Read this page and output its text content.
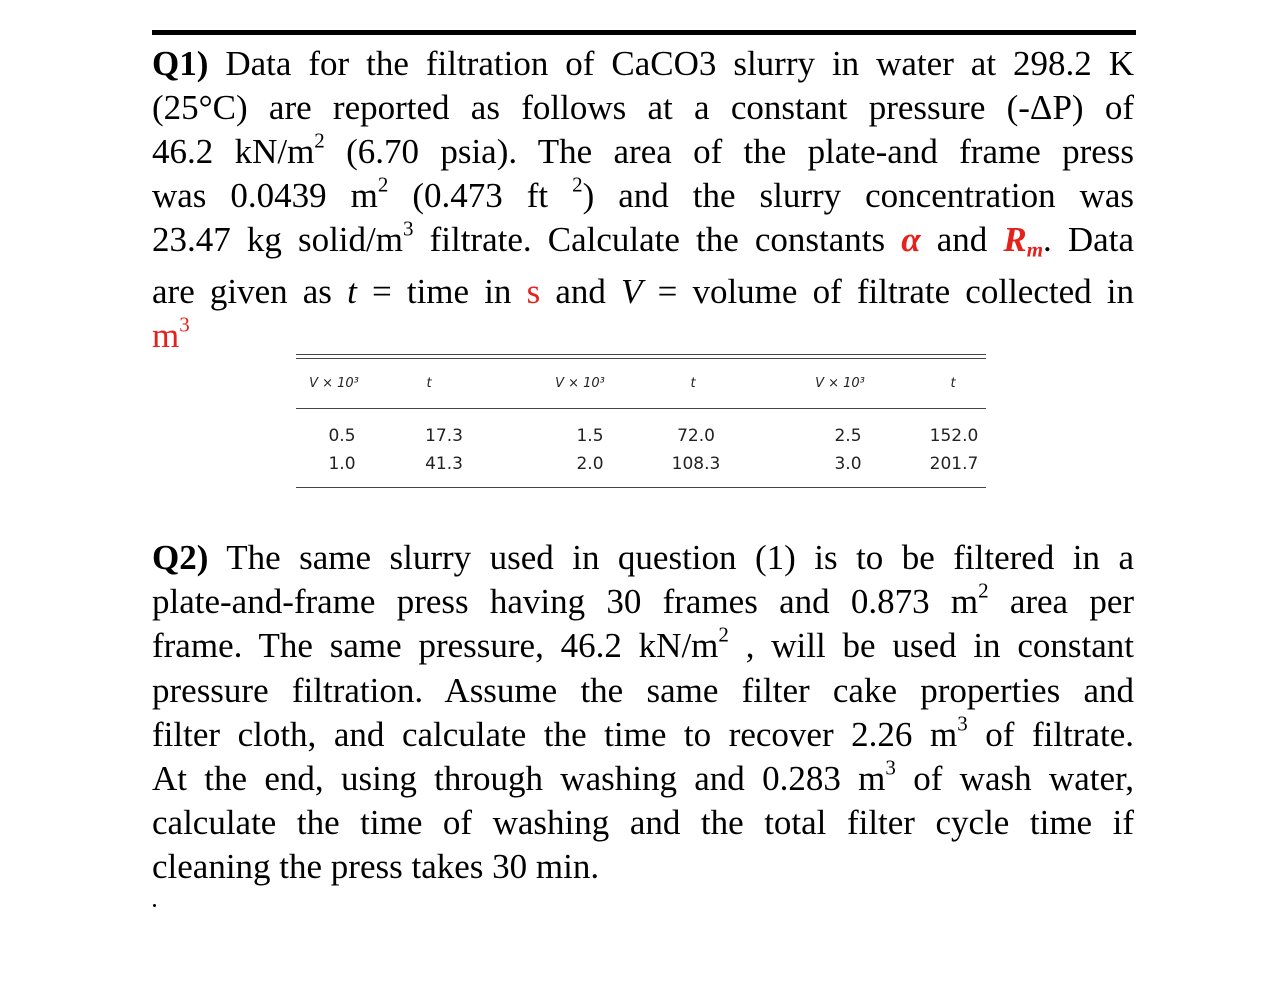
Q1) Data for the filtration of CaCO3 slurry in water at 298.2 K
(25°C) are reported as follows at a constant pressure (-ΔP) of
46.2 $kN/m^2$ (6.70 psia). The area of the plate-and frame press
was 0.0439 $m^2$ (0.473 ft $^2$) and the slurry concentration was
23.47 kg solid/$m^3$ filtrate. Calculate the constants α and $R_m$. Data
are given as t = time in s and V = volume of filtrate collected in
$m^3$
V × 10³	t	V × 10³	t	V × 10³	t
0.5	17.3	1.5	72.0	2.5	152.0
1.0	41.3	2.0	108.3	3.0	201.7
Q2) The same slurry used in question (1) is to be filtered in a
plate-and-frame press having 30 frames and 0.873 $m^2$ area per
frame. The same pressure, 46.2 $kN/m^2$ , will be used in constant
pressure filtration. Assume the same filter cake properties and
filter cloth, and calculate the time to recover 2.26 $m^3$ of filtrate.
At the end, using through washing and 0.283 $m^3$ of wash water,
calculate the time of washing and the total filter cycle time if
cleaning the press takes 30 min.
